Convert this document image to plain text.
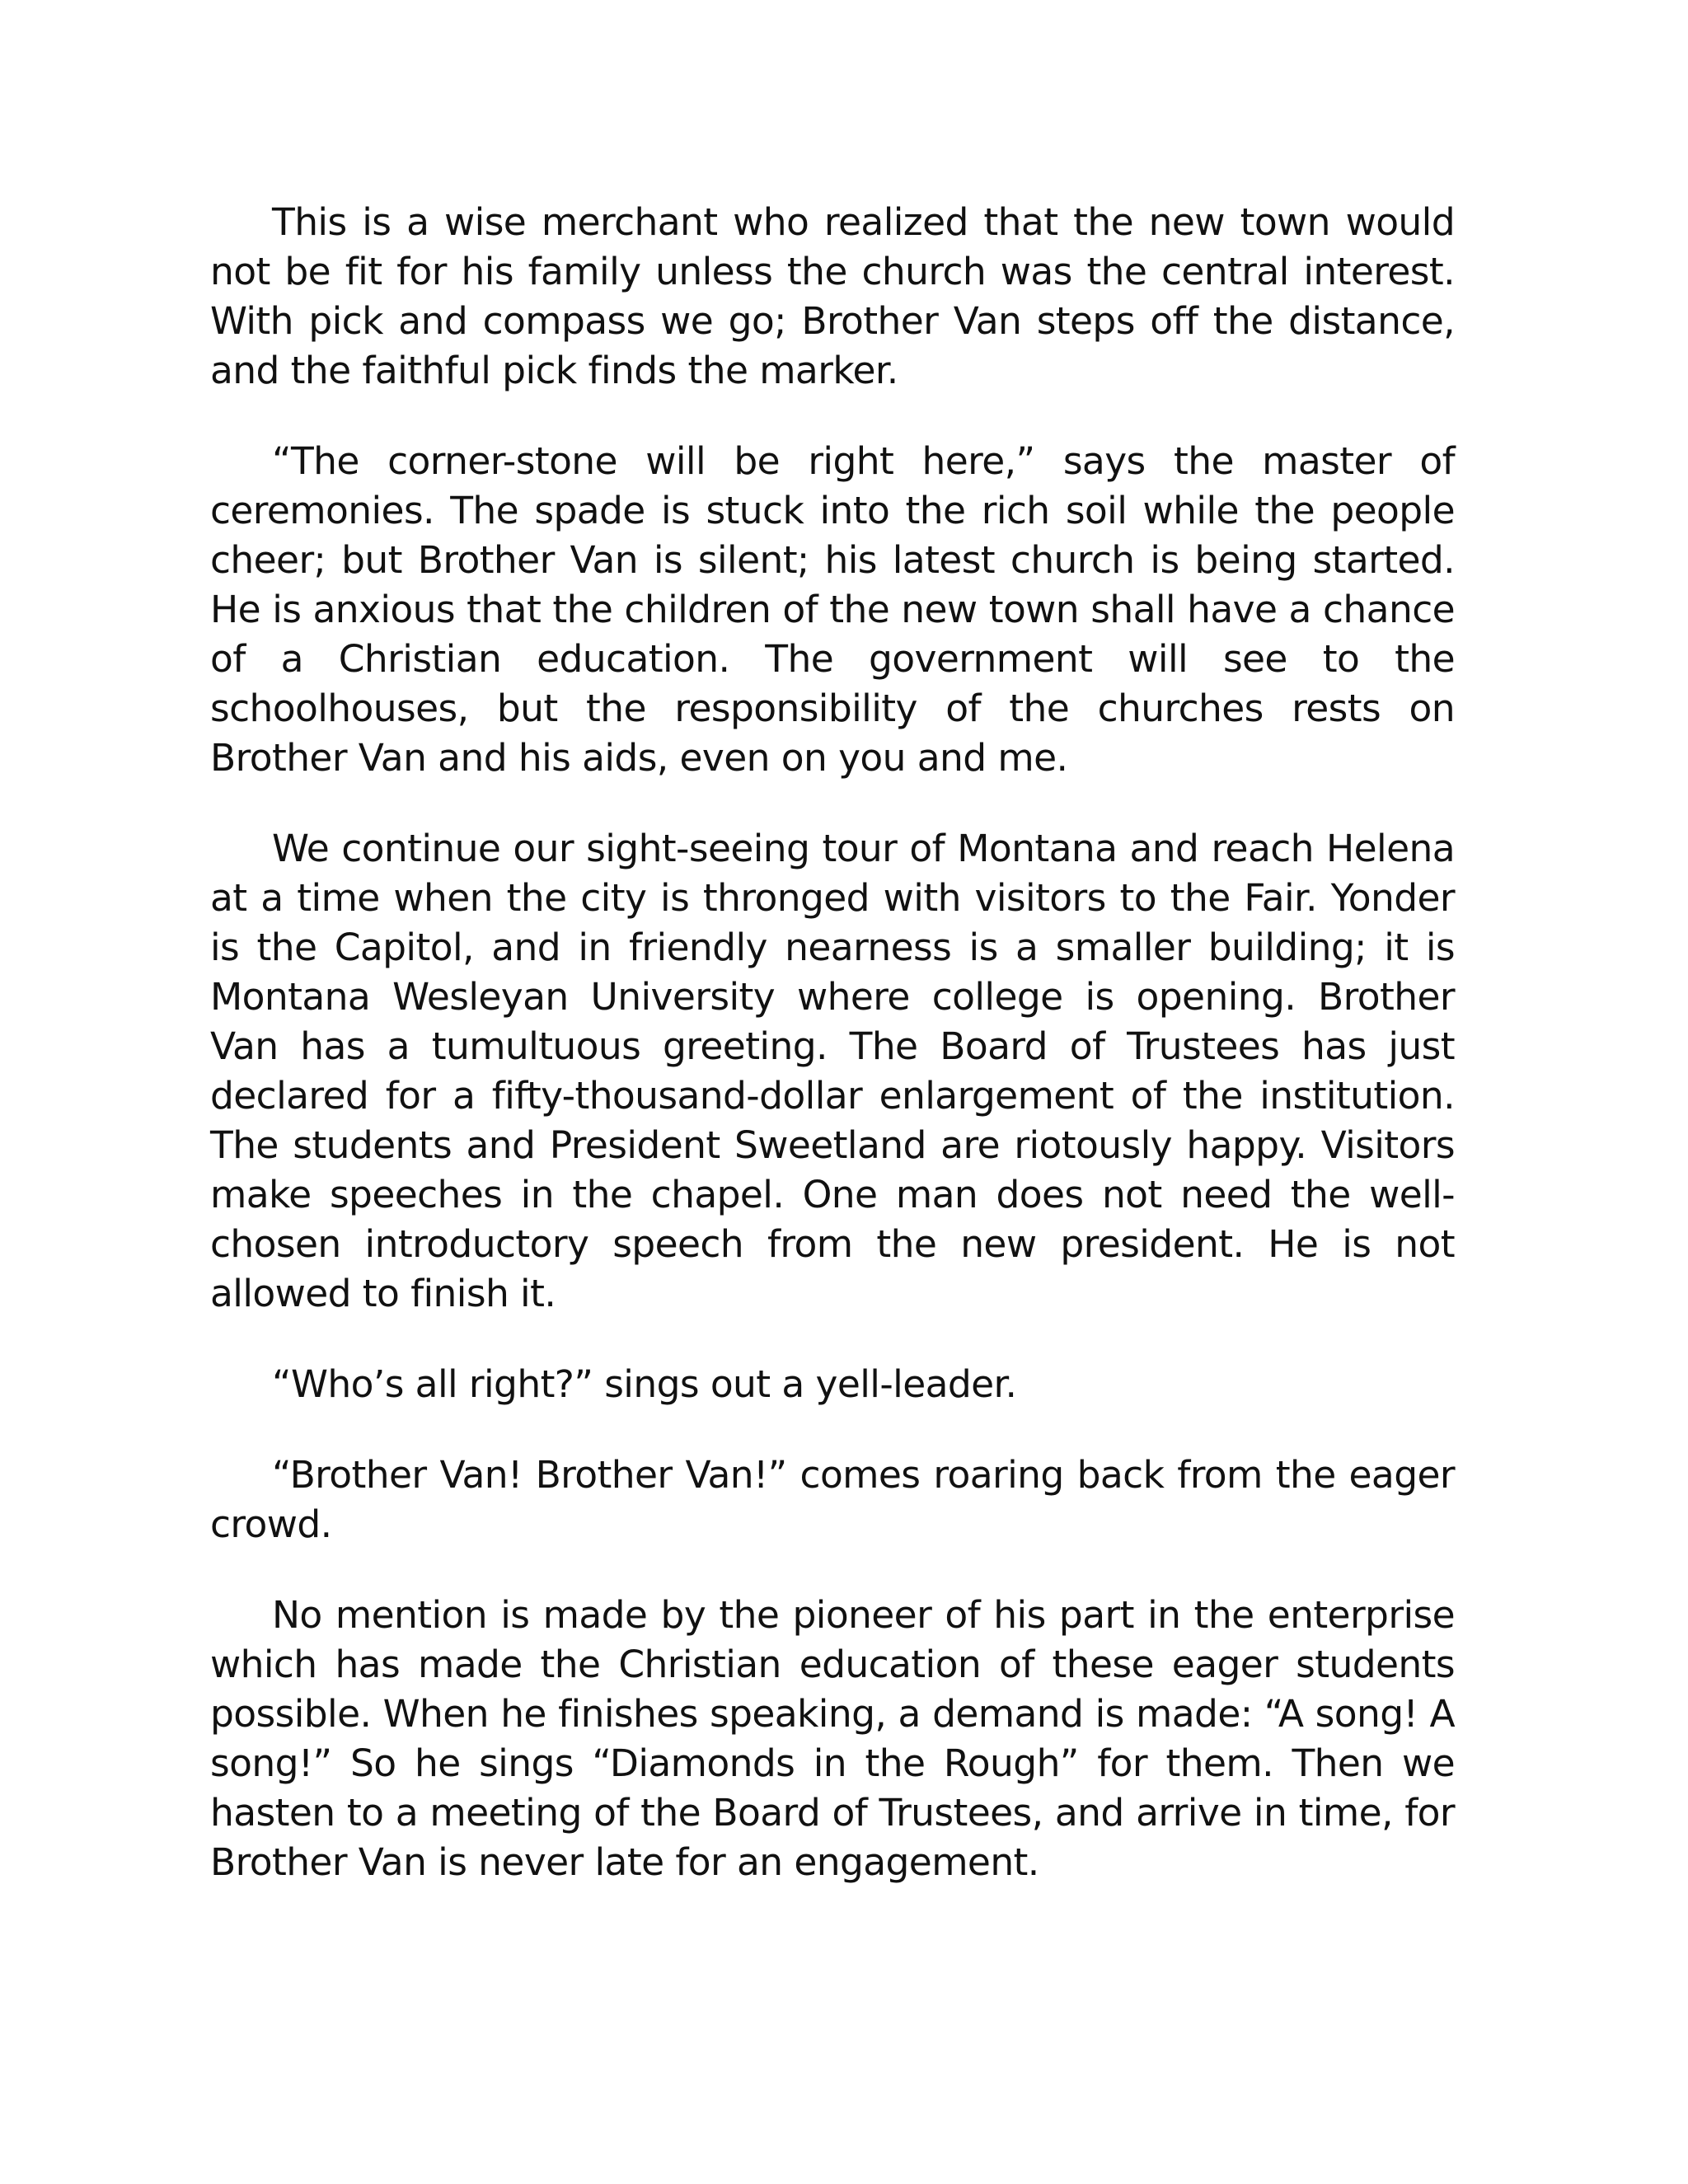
This is a wise merchant who realized that the new town would not be fit for his family unless the church was the central interest. With pick and compass we go; Brother Van steps off the distance, and the faithful pick finds the marker.

“The corner-stone will be right here,” says the master of ceremonies. The spade is stuck into the rich soil while the people cheer; but Brother Van is silent; his latest church is being started. He is anxious that the children of the new town shall have a chance of a Christian education. The government will see to the schoolhouses, but the responsibility of the churches rests on Brother Van and his aids, even on you and me.

We continue our sight-seeing tour of Montana and reach Helena at a time when the city is thronged with visitors to the Fair. Yonder is the Capitol, and in friendly nearness is a smaller building; it is Montana Wesleyan University where college is opening. Brother Van has a tumultuous greeting. The Board of Trustees has just declared for a fifty-thousand-dollar enlargement of the institution. The students and President Sweetland are riotously happy. Visitors make speeches in the chapel. One man does not need the well-chosen introductory speech from the new president. He is not allowed to finish it.

“Who’s all right?” sings out a yell-leader.

“Brother Van! Brother Van!” comes roaring back from the eager crowd.

No mention is made by the pioneer of his part in the enterprise which has made the Christian education of these eager students possible. When he finishes speaking, a demand is made: “A song! A song!” So he sings “Diamonds in the Rough” for them. Then we hasten to a meeting of the Board of Trustees, and arrive in time, for Brother Van is never late for an engagement.
